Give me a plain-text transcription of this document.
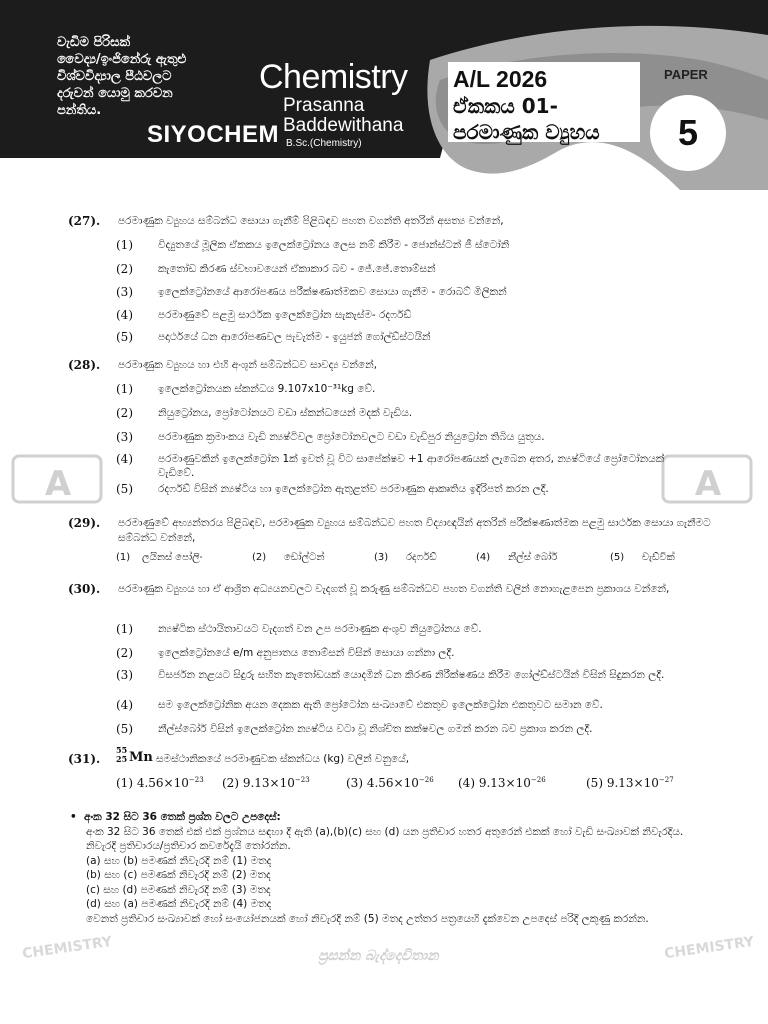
වැඩිම පිරිසක්
වෛද්‍ය/ඉංජිනේරු ඇතුළු
විශ්වවිද්‍යාල පීඨවලට
දරුවන් යොමු කරවන
පන්තිය.
Chemistry
Prasanna
Baddewithana
B.Sc.(Chemistry)
SIYOCHEM
A/L 2026
ඒකකය 01-
පරමාණුක ව්‍යුහය
PAPER
5
A	A
CHEMISTRY	CHEMISTRY
ප්‍රසන්න බැද්දෙවිතාන
(27). පරමාණුක ව්‍යුහය සම්බන්ධ සොයා ගැනීම් පිළිබඳව පහත වගන්ති අතරින් අසත්‍ය වන්නේ,
(1) විද්‍යුතයේ මූලික ඒකකය ඉලෙක්ට්‍රෝනය ලෙස නම් කිරීම - ජොන්ස්ටන් ජී ස්ටෝනි
(2) කැතෝඩ කිරණ ස්වභාවයෙන් ඒකාකාර බව - ජේ.ජේ.තොම්සන්
(3) ඉලෙක්ට්‍රෝනයේ ආරෝපණය පරීක්ෂණාත්මකව සොයා ගැනීම - රොබට් මිලිකන්
(4) පරමාණුවේ පළමු සාර්ථක ඉලෙක්ට්‍රෝන සැකැස්ම- රදර්ෆඩ්
(5) පදාර්ථයේ ධන ආරෝපණවල පැවැත්ම - ඉයුජන් ගෝල්ඩ්ස්ටයින්
(28). පරමාණුක ව්‍යුහය හා එහි අංශුන් සම්බන්ධව සාවද්‍ය වන්නේ,
(1) ඉලෙක්ට්‍රෝනයක ස්කන්ධය 9.107x10⁻³¹kg වේ.
(2) නියුට්‍රෝනය, ප්‍රෝටෝනයට වඩා ස්කන්ධයෙන් මදක් වැඩිය.
(3) පරමාණුක ක්‍රමාංකය වැඩි න්‍යෂ්ටිවල ප්‍රෝටෝනවලට වඩා වැඩිපුර නියුට්‍රෝන තිබිය යුතුය.
(4) පරමාණුවකින් ඉලෙක්ට්‍රෝන 1ක් ඉවත් වූ විට සාපේක්ෂව +1 ආරෝපණයක් ලැබෙන අතර, න්‍යෂ්ටියේ ප්‍රෝටෝනයක් වැඩිවේ.
(5) රදර්ෆඩ් විසින් න්‍යෂ්ටිය හා ඉලෙක්ට්‍රෝන ඇතුළත්ව පරමාණුක ආකෘතිය ඉදිරිපත් කරන ලදී.
(29). පරමාණුවේ අභ්‍යන්තරය පිළිබඳව, පරමාණුක ව්‍යුහය සම්බන්ධව පහත විද්‍යාඥයින් අතරින් පරීක්ෂණාත්මක පළමු සාර්ථක සොයා ගැනීමට සම්බන්ධ වන්නේ,
(1) ලයිනස් පෝලිං	(2) ඩෝල්ටන්	(3) රදර්ෆඩ්	(4) නීල්ස් බෝර්	(5) චැඩ්වික්
(30). පරමාණුක ව්‍යුහය හා ඒ ආශ්‍රිත අධ්‍යයනවලට වැදගත් වූ කරුණු සම්බන්ධව පහත වගන්ති වලින් නොගැළපෙන ප්‍රකාශය වන්නේ,
(1) න්‍යෂ්ටික ස්ථායිතාවයට වැදගත් වන උප පරමාණුක අංශුව නියුට්‍රෝනය වේ.
(2) ඉලෙක්ට්‍රෝනයේ e/m අනුපාතය තොම්සන් විසින් සොයා ගන්නා ලදී.
(3) විසර්ජන නළයට සිදුරු සහිත කැතෝඩයක් යොදමින් ධන කිරණ නිරීක්ෂණය කිරීම ගෝල්ඩ්ස්ටයින් විසින් සිදුකරන ලදී.
(4) සම ඉලෙක්ට්‍රෝනික අයන දෙකක ඇති ප්‍රෝටෝන සංඛ්‍යාවේ එකතුව ඉලෙක්ට්‍රෝන එකතුවට සමාන වේ.
(5) නීල්ස්බෝර් විසින් ඉලෙක්ට්‍රෝන න්‍යෂ්ටිය වටා වූ නිශ්චිත කක්ෂවල ගමන් කරන බව ප්‍රකාශ කරන ලදී.
(31).
55
25 Mn සමස්ථානිකයේ පරමාණුවක ස්කන්ධය (kg) වලින් වනුයේ,
(1) $4.56\times 10^{-23}$ (2) $9.13\times 10^{-23}$	(3) $4.56\times 10^{-26}$ (4) $9.13\times 10^{-26}$	(5) $9.13\times 10^{-27}$
• අංක 32 සිට 36 තෙක් ප්‍රශ්න වලට උපදෙස්:
අංක 32 සිට 36 තෙක් එක් එක් ප්‍රශ්නය සඳහා දී ඇති (a),(b)(c) සහ (d) යන ප්‍රතිචාර හතර අතුරෙන් එකක් හෝ වැඩි සංඛ්‍යාවක් නිවැරදිය. නිවැරදි ප්‍රතිචාරය/ප්‍රතිචාර කවරේදැයි තෝරන්න.
(a) සහ (b) පමණක් නිවැරදි නම් (1) මතද
(b) සහ (c) පමණක් නිවැරදි නම් (2) මතද
(c) සහ (d) පමණක් නිවැරදි නම් (3) මතද
(d) සහ (a) පමණක් නිවැරදි නම් (4) මතද
වෙනත් ප්‍රතිචාර සංඛ්‍යාවක් හෝ සංයෝජනයක් හෝ නිවැරදි නම් (5) මතද උත්තර පත්‍රයෙහි දැක්වෙන උපදෙස් පරිදි ලකුණු කරන්න.
